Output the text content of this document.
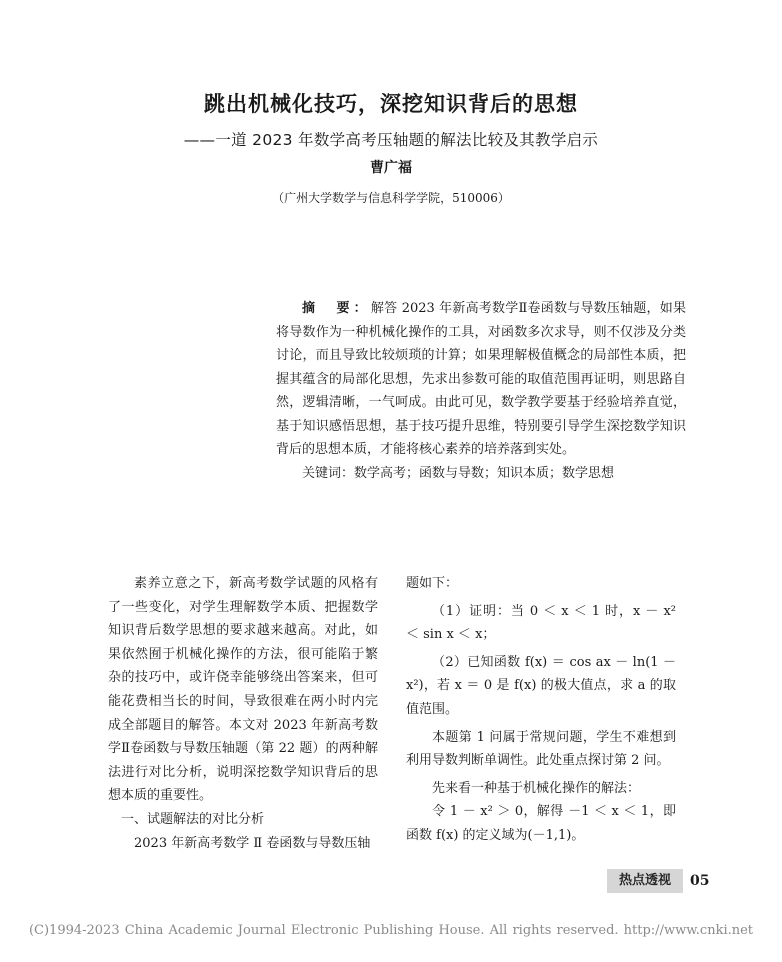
跳出机械化技巧，深挖知识背后的思想
——一道 2023 年数学高考压轴题的解法比较及其教学启示
曹广福
（广州大学数学与信息科学学院，510006）

摘　要：解答 2023 年新高考数学Ⅱ卷函数与导数压轴题，如果将导数作为一种机械化操作的工具，对函数多次求导，则不仅涉及分类讨论，而且导致比较烦琐的计算；如果理解极值概念的局部性本质，把握其蕴含的局部化思想，先求出参数可能的取值范围再证明，则思路自然，逻辑清晰，一气呵成。由此可见，数学教学要基于经验培养直觉，基于知识感悟思想，基于技巧提升思维，特别要引导学生深挖数学知识背后的思想本质，才能将核心素养的培养落到实处。

关键词：数学高考；函数与导数；知识本质；数学思想

素养立意之下，新高考数学试题的风格有了一些变化，对学生理解数学本质、把握数学知识背后数学思想的要求越来越高。对此，如果依然囿于机械化操作的方法，很可能陷于繁杂的技巧中，或许侥幸能够绕出答案来，但可能花费相当长的时间，导致很难在两小时内完成全部题目的解答。本文对 2023 年新高考数学Ⅱ卷函数与导数压轴题（第 22 题）的两种解法进行对比分析，说明深挖数学知识背后的思想本质的重要性。

一、试题解法的对比分析

2023 年新高考数学 Ⅱ 卷函数与导数压轴

题如下：

（1）证明：当 0 ＜ x ＜ 1 时，x － x² ＜ sin x ＜ x；

（2）已知函数 f(x) ＝ cos ax － ln(1 － x²)，若 x ＝ 0 是 f(x) 的极大值点，求 a 的取值范围。

本题第 1 问属于常规问题，学生不难想到利用导数判断单调性。此处重点探讨第 2 问。

先来看一种基于机械化操作的解法：

令 1 － x² ＞ 0，解得 －1 ＜ x ＜ 1，即函数 f(x) 的定义域为(－1,1)。

热点透视	05
(C)1994-2023 China Academic Journal Electronic Publishing House. All rights reserved. http://www.cnki.net
